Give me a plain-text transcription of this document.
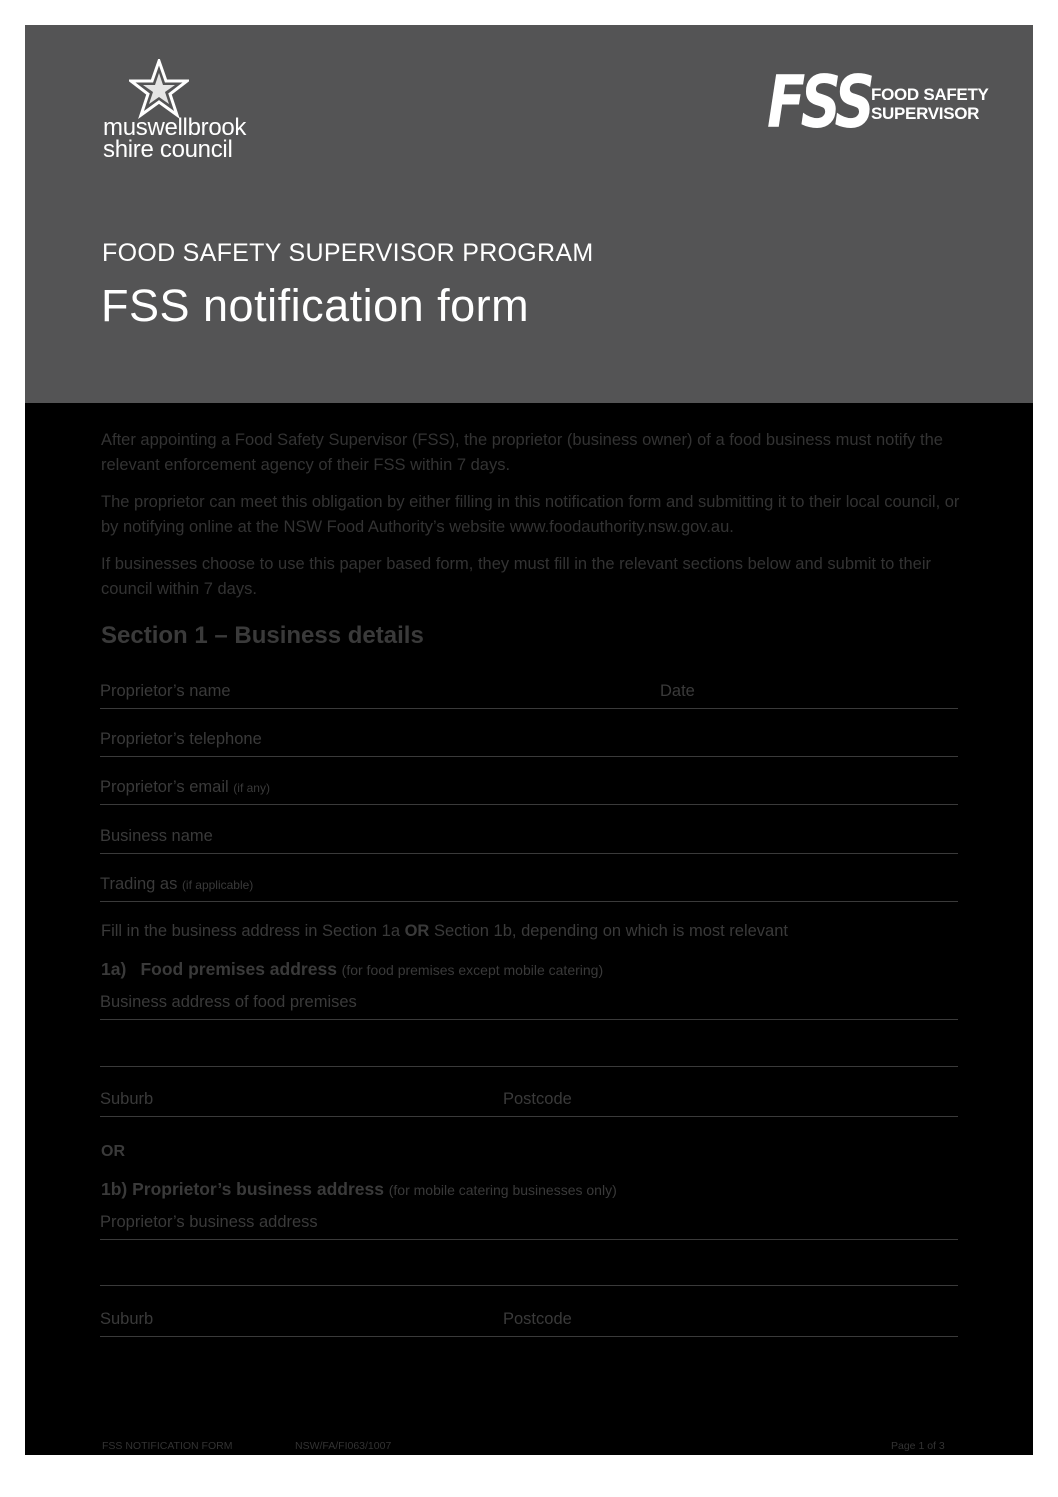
muswellbrook
shire council
FSS FOOD SAFETY
SUPERVISOR
FOOD SAFETY SUPERVISOR PROGRAM
FSS notification form

After appointing a Food Safety Supervisor (FSS), the proprietor (business owner) of a food business must notify the relevant enforcement agency of their FSS within 7 days.

The proprietor can meet this obligation by either filling in this notification form and submitting it to their local council, or by notifying online at the NSW Food Authority’s website www.foodauthority.nsw.gov.au.

If businesses choose to use this paper based form, they must fill in the relevant sections below and submit to their council within 7 days.

Section 1 – Business details
Proprietor’s name	Date
Proprietor’s telephone
Proprietor’s email (if any)
Business name
Trading as (if applicable)
Fill in the business address in Section 1a OR Section 1b, depending on which is most relevant
1a) Food premises address (for food premises except mobile catering)
Business address of food premises
Suburb	Postcode
OR
1b) Proprietor’s business address (for mobile catering businesses only)
Proprietor’s business address
Suburb	Postcode
FSS NOTIFICATION FORM	NSW/FA/FI063/1007	Page 1 of 3
